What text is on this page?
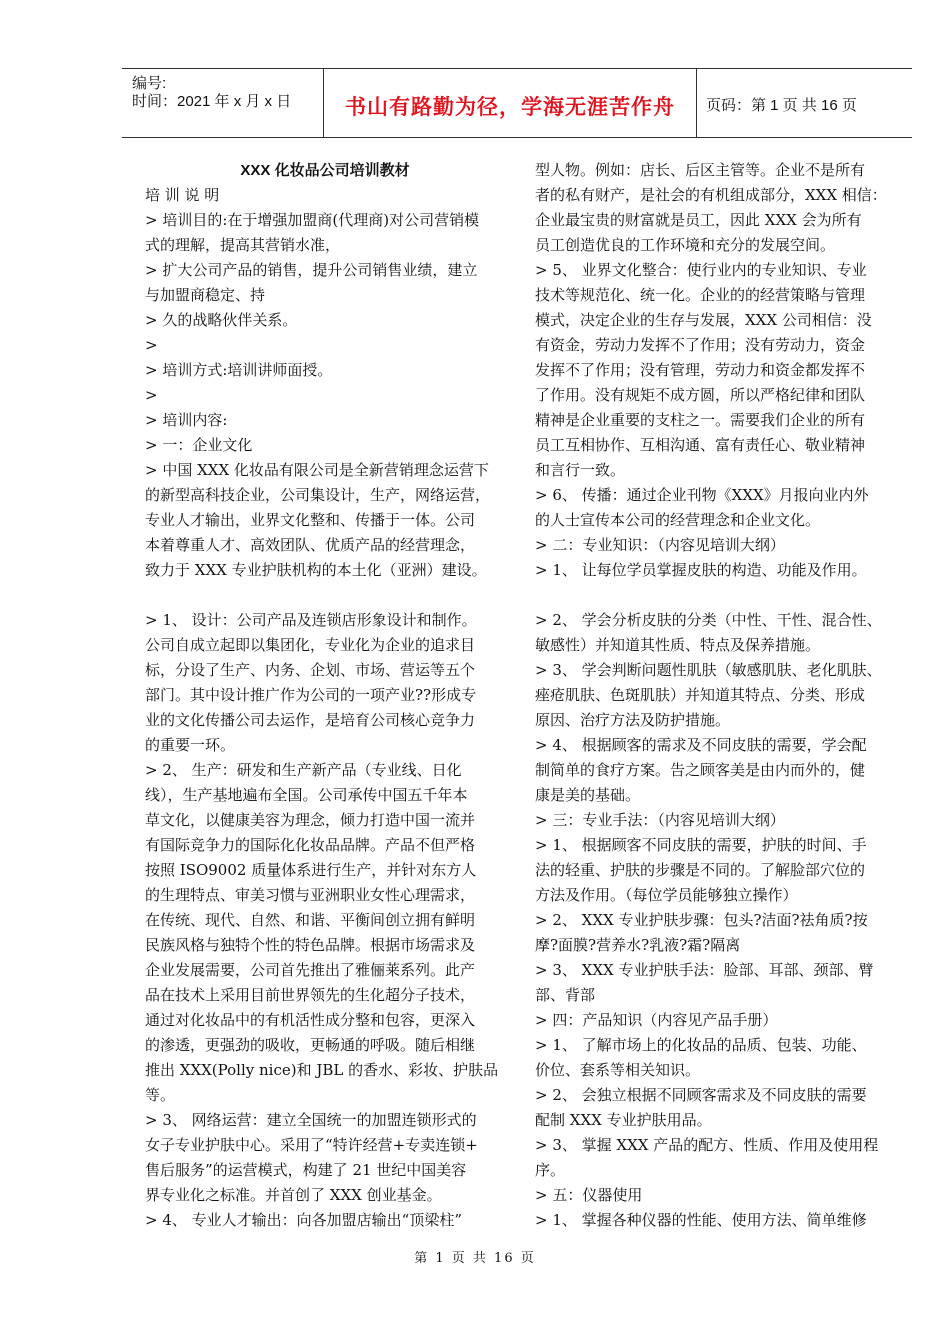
编号:
时间：2021 年 x 月 x 日	书山有路勤为径，学海无涯苦作舟	页码：第 1 页 共 16 页

XXX 化妆品公司培训教材

培 训 说 明

> 培训目的:在于增强加盟商(代理商)对公司营销模

式的理解，提高其营销水准，

> 扩大公司产品的销售，提升公司销售业绩，建立

与加盟商稳定、持

> 久的战略伙伴关系。

>

> 培训方式:培训讲师面授。

>

> 培训内容:

> 一：企业文化

> 中国 XXX 化妆品有限公司是全新营销理念运营下

的新型高科技企业，公司集设计，生产，网络运营，

专业人才输出，业界文化整和、传播于一体。公司

本着尊重人才、高效团队、优质产品的经营理念，

致力于 XXX 专业护肤机构的本土化（亚洲）建设。

> 1、 设计：公司产品及连锁店形象设计和制作。

公司自成立起即以集团化，专业化为企业的追求目

标，分设了生产、内务、企划、市场、营运等五个

部门。其中设计推广作为公司的一项产业??形成专

业的文化传播公司去运作，是培育公司核心竞争力

的重要一环。

> 2、 生产：研发和生产新产品（专业线、日化

线），生产基地遍布全国。公司承传中国五千年本

草文化，以健康美容为理念，倾力打造中国一流并

有国际竞争力的国际化化妆品品牌。产品不但严格

按照 ISO9002 质量体系进行生产，并针对东方人

的生理特点、审美习惯与亚洲职业女性心理需求，

在传统、现代、自然、和谐、平衡间创立拥有鲜明

民族风格与独特个性的特色品牌。根据市场需求及

企业发展需要，公司首先推出了雅俪莱系列。此产

品在技术上采用目前世界领先的生化超分子技术，

通过对化妆品中的有机活性成分整和包容，更深入

的渗透，更强劲的吸收，更畅通的呼吸。随后相继

推出 XXX(Polly nice)和 JBL 的香水、彩妆、护肤品

等。

> 3、 网络运营：建立全国统一的加盟连锁形式的

女子专业护肤中心。采用了“特许经营+专卖连锁+

售后服务”的运营模式，构建了 21 世纪中国美容

界专业化之标准。并首创了 XXX 创业基金。

> 4、 专业人才输出：向各加盟店输出“顶梁柱”

型人物。例如：店长、后区主管等。企业不是所有

者的私有财产，是社会的有机组成部分，XXX 相信：

企业最宝贵的财富就是员工，因此 XXX 会为所有

员工创造优良的工作环境和充分的发展空间。

> 5、 业界文化整合：使行业内的专业知识、专业

技术等规范化、统一化。企业的的经营策略与管理

模式，决定企业的生存与发展，XXX 公司相信：没

有资金，劳动力发挥不了作用；没有劳动力，资金

发挥不了作用；没有管理，劳动力和资金都发挥不

了作用。没有规矩不成方圆，所以严格纪律和团队

精神是企业重要的支柱之一。需要我们企业的所有

员工互相协作、互相沟通、富有责任心、敬业精神

和言行一致。

> 6、 传播：通过企业刊物《XXX》月报向业内外

的人士宣传本公司的经营理念和企业文化。

> 二：专业知识：（内容见培训大纲）

> 1、 让每位学员掌握皮肤的构造、功能及作用。

> 2、 学会分析皮肤的分类（中性、干性、混合性、

敏感性）并知道其性质、特点及保养措施。

> 3、 学会判断问题性肌肤（敏感肌肤、老化肌肤、

痤疮肌肤、色斑肌肤）并知道其特点、分类、形成

原因、治疗方法及防护措施。

> 4、 根据顾客的需求及不同皮肤的需要，学会配

制简单的食疗方案。告之顾客美是由内而外的，健

康是美的基础。

> 三：专业手法：（内容见培训大纲）

> 1、 根据顾客不同皮肤的需要，护肤的时间、手

法的轻重、护肤的步骤是不同的。了解脸部穴位的

方法及作用。（每位学员能够独立操作）

> 2、 XXX 专业护肤步骤：包头?洁面?祛角质?按

摩?面膜?营养水?乳液?霜?隔离

> 3、 XXX 专业护肤手法：脸部、耳部、颈部、臂

部、背部

> 四：产品知识（内容见产品手册）

> 1、 了解市场上的化妆品的品质、包装、功能、

价位、套系等相关知识。

> 2、 会独立根据不同顾客需求及不同皮肤的需要

配制 XXX 专业护肤用品。

> 3、 掌握 XXX 产品的配方、性质、作用及使用程

序。

> 五：仪器使用

> 1、 掌握各种仪器的性能、使用方法、简单维修

第 1 页 共 16 页
